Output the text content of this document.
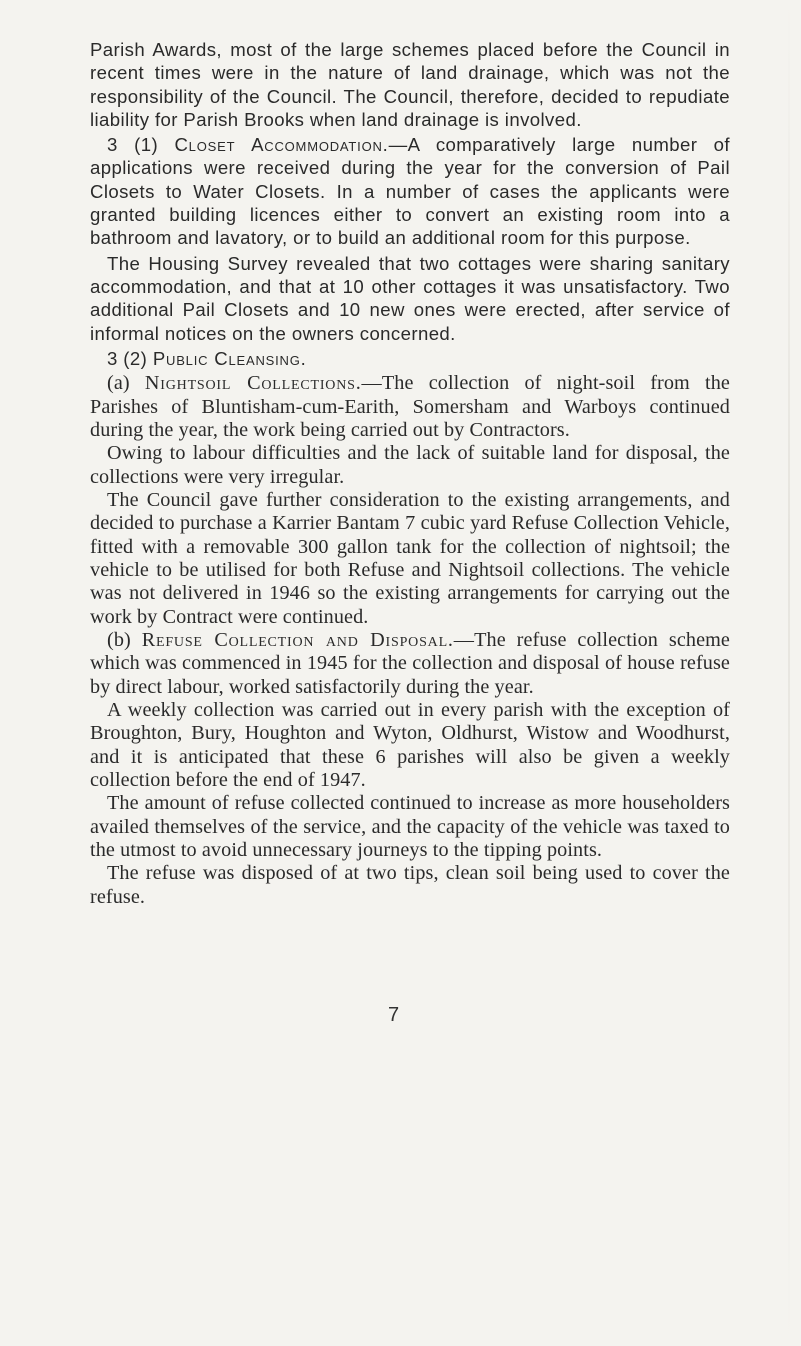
Parish Awards, most of the large schemes placed before the Council in recent times were in the nature of land drainage, which was not the responsibility of the Council. The Council, therefore, decided to repudiate liability for Parish Brooks when land drainage is involved.

3 (1) Closet Accommodation.—A comparatively large number of applications were received during the year for the conversion of Pail Closets to Water Closets. In a number of cases the applicants were granted building licences either to convert an existing room into a bathroom and lavatory, or to build an additional room for this purpose.

The Housing Survey revealed that two cottages were sharing sanitary accommodation, and that at 10 other cottages it was unsatisfactory. Two additional Pail Closets and 10 new ones were erected, after service of informal notices on the owners concerned.

3 (2) Public Cleansing.

(a) Nightsoil Collections.—The collection of night-soil from the Parishes of Bluntisham-cum-Earith, Somersham and Warboys continued during the year, the work being carried out by Contractors.

Owing to labour difficulties and the lack of suitable land for disposal, the collections were very irregular.

The Council gave further consideration to the existing arrangements, and decided to purchase a Karrier Bantam 7 cubic yard Refuse Collection Vehicle, fitted with a removable 300 gallon tank for the collection of nightsoil; the vehicle to be utilised for both Refuse and Nightsoil collections. The vehicle was not delivered in 1946 so the existing arrangements for carrying out the work by Contract were continued.

(b) Refuse Collection and Disposal.—The refuse collection scheme which was commenced in 1945 for the collection and disposal of house refuse by direct labour, worked satisfactorily during the year.

A weekly collection was carried out in every parish with the exception of Broughton, Bury, Houghton and Wyton, Oldhurst, Wistow and Woodhurst, and it is anticipated that these 6 parishes will also be given a weekly collection before the end of 1947.

The amount of refuse collected continued to increase as more householders availed themselves of the service, and the capacity of the vehicle was taxed to the utmost to avoid unnecessary journeys to the tipping points.

The refuse was disposed of at two tips, clean soil being used to cover the refuse.

7
